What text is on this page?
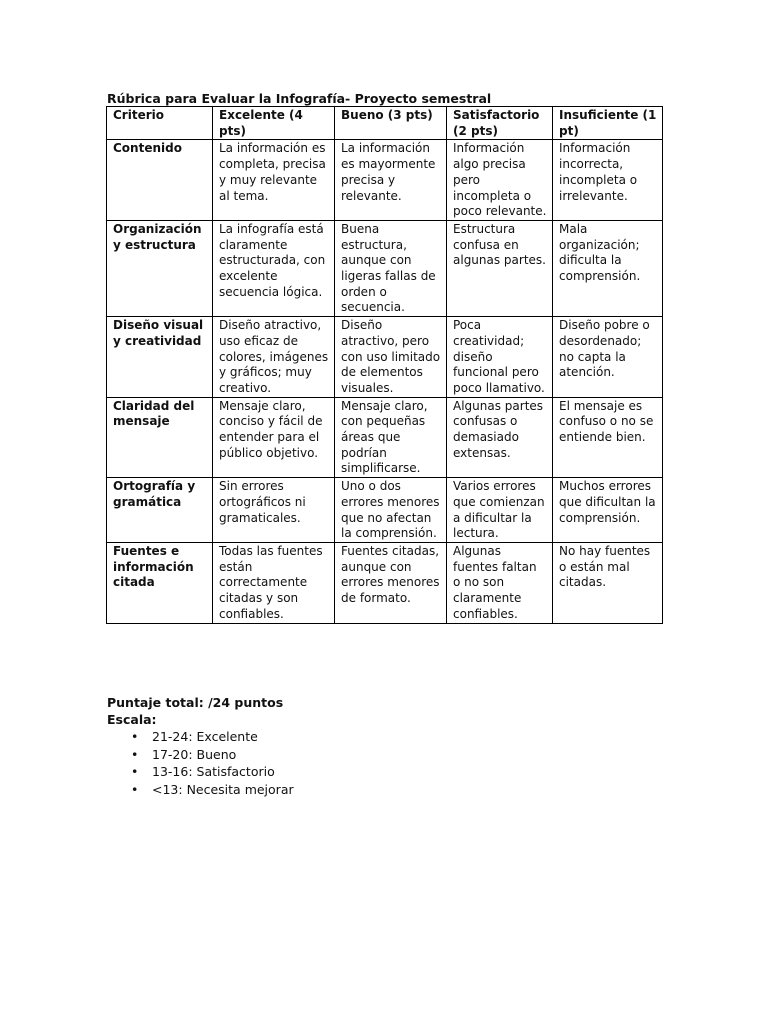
Rúbrica para Evaluar la Infografía- Proyecto semestral
Criterio	Excelente (4 pts)	Bueno (3 pts)	Satisfactorio (2 pts)	Insuficiente (1 pt)
Contenido	La información es completa, precisa y muy relevante al tema.	La información es mayormente precisa y relevante.	Información algo precisa pero incompleta o poco relevante.	Información incorrecta, incompleta o irrelevante.
Organización y estructura	La infografía está claramente estructurada, con excelente secuencia lógica.	Buena estructura, aunque con ligeras fallas de orden o secuencia.	Estructura confusa en algunas partes.	Mala organización; dificulta la comprensión.
Diseño visual y creatividad	Diseño atractivo, uso eficaz de colores, imágenes y gráficos; muy creativo.	Diseño atractivo, pero con uso limitado de elementos visuales.	Poca creatividad; diseño funcional pero poco llamativo.	Diseño pobre o desordenado; no capta la atención.
Claridad del mensaje	Mensaje claro, conciso y fácil de entender para el público objetivo.	Mensaje claro, con pequeñas áreas que podrían simplificarse.	Algunas partes confusas o demasiado extensas.	El mensaje es confuso o no se entiende bien.
Ortografía y gramática	Sin errores ortográficos ni gramaticales.	Uno o dos errores menores que no afectan la comprensión.	Varios errores que comienzan a dificultar la lectura.	Muchos errores que dificultan la comprensión.
Fuentes e información citada	Todas las fuentes están correctamente citadas y son confiables.	Fuentes citadas, aunque con errores menores de formato.	Algunas fuentes faltan o no son claramente confiables.	No hay fuentes o están mal citadas.
Puntaje total: /24 puntos
Escala:
• 21-24: Excelente
• 17-20: Bueno
• 13-16: Satisfactorio
• <13: Necesita mejorar
